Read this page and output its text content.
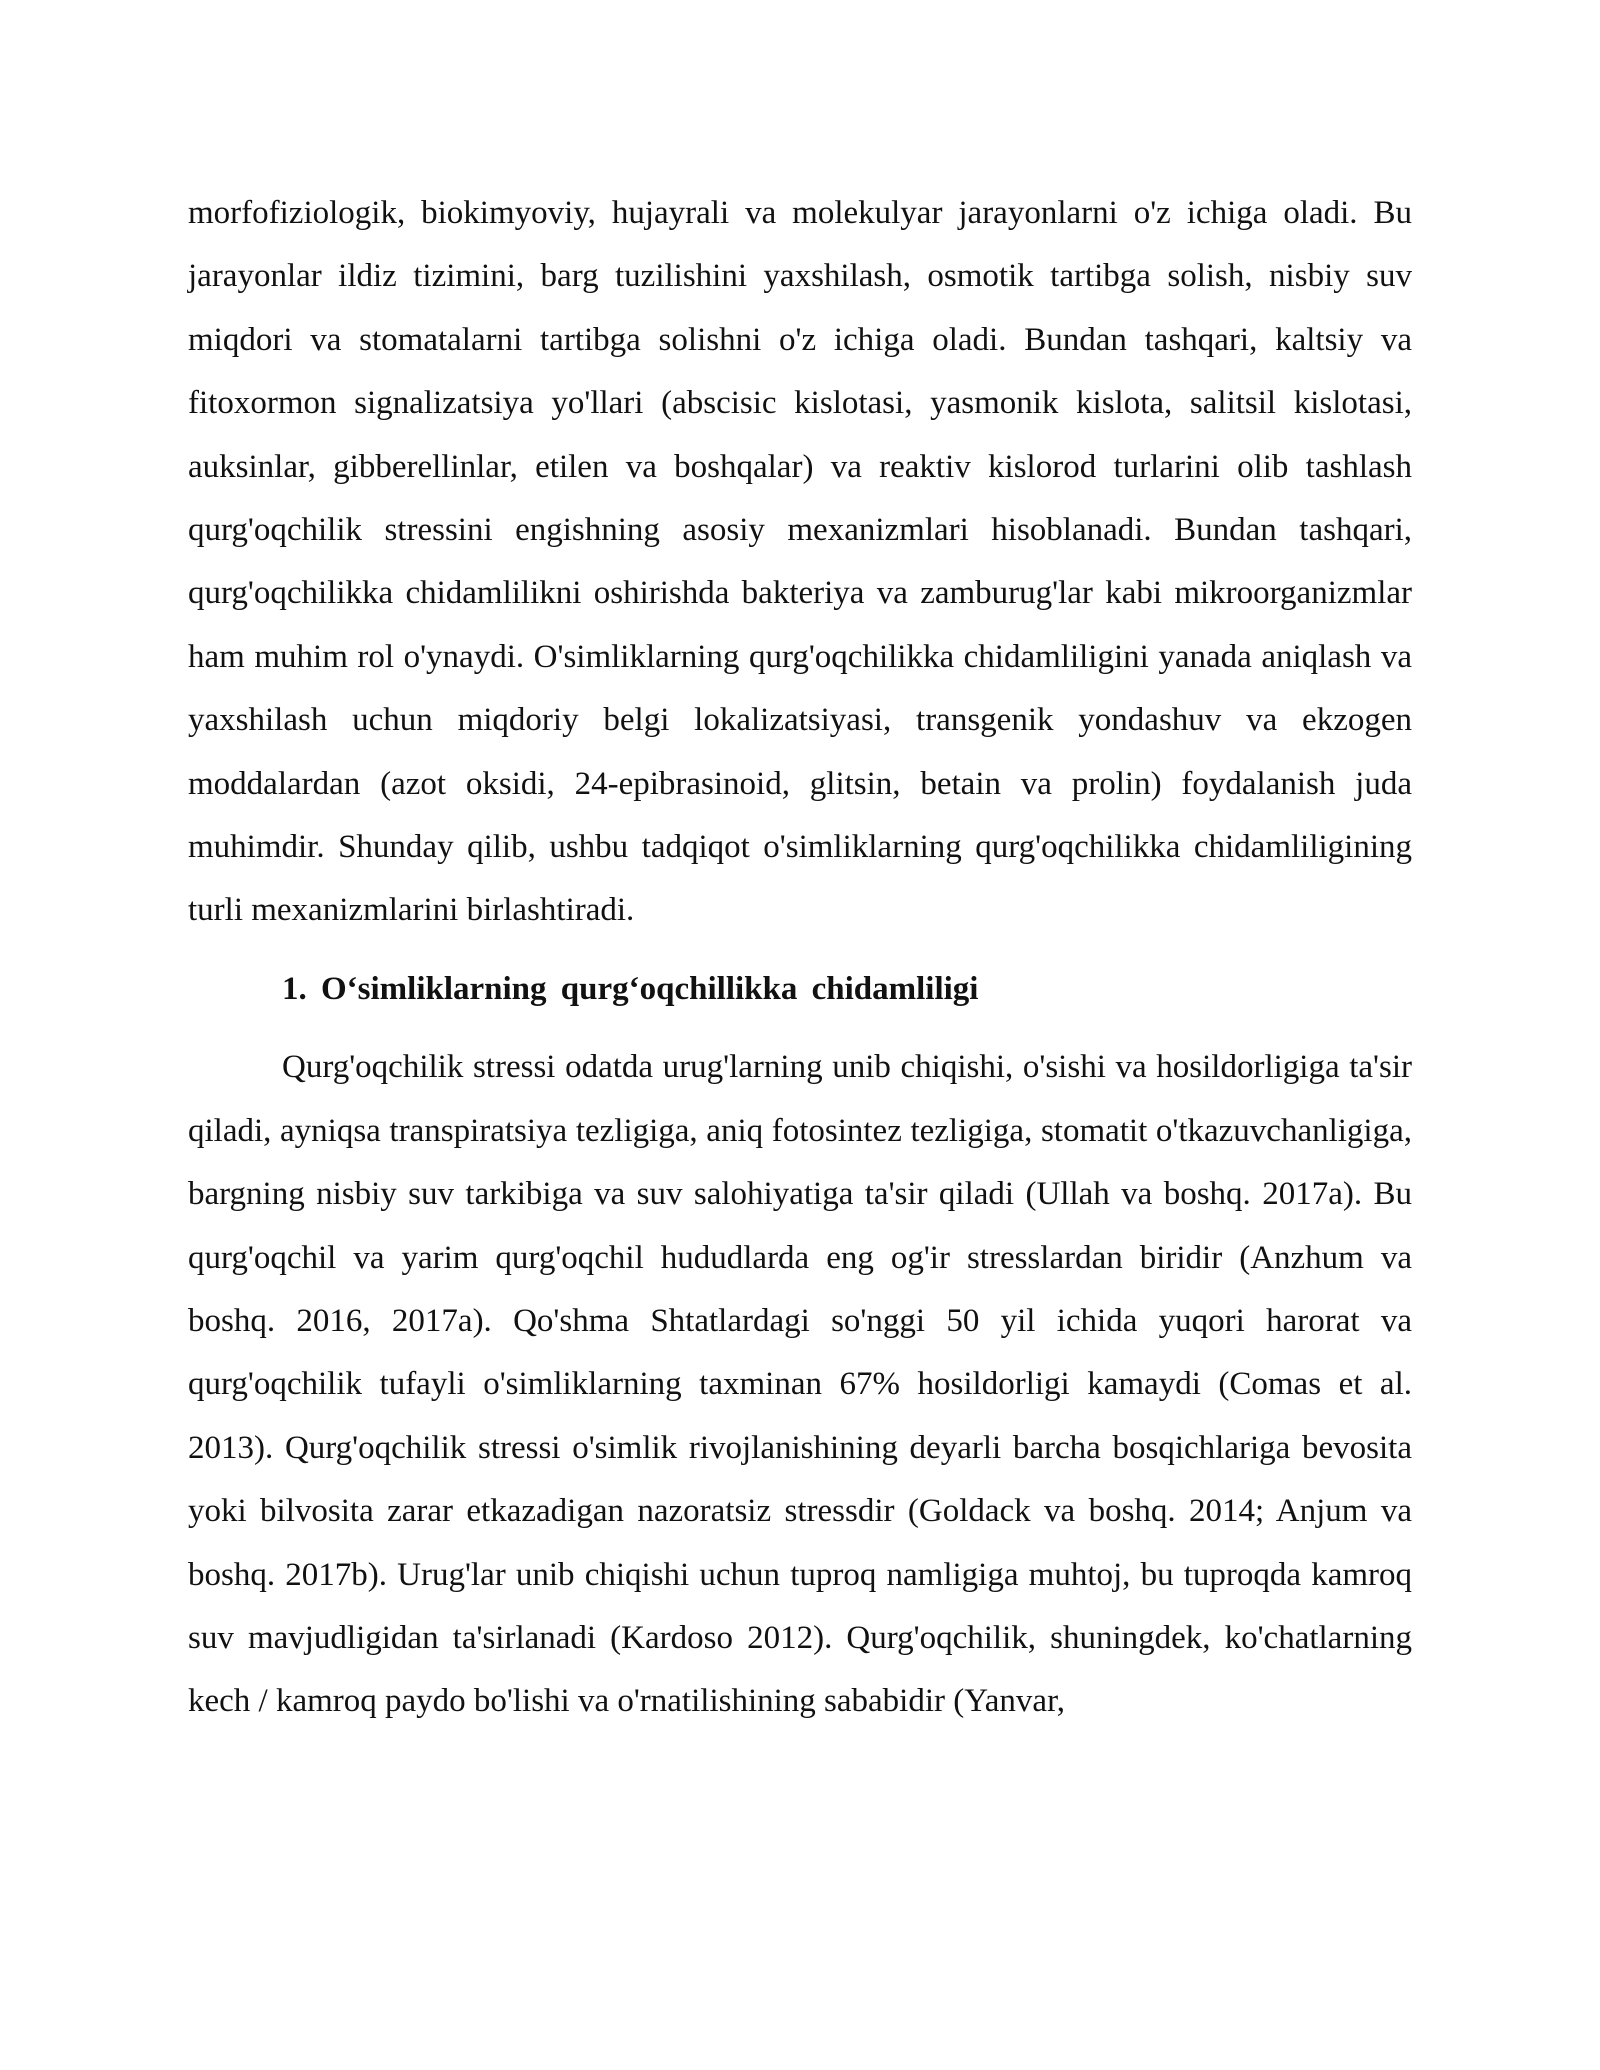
morfofiziologik, biokimyoviy, hujayrali va molekulyar jarayonlarni o'z ichiga oladi. Bu jarayonlar ildiz tizimini, barg tuzilishini yaxshilash, osmotik tartibga solish, nisbiy suv miqdori va stomatalarni tartibga solishni o'z ichiga oladi. Bundan tashqari, kaltsiy va fitoxormon signalizatsiya yo'llari (abscisic kislotasi, yasmonik kislota, salitsil kislotasi, auksinlar, gibberellinlar, etilen va boshqalar) va reaktiv kislorod turlarini olib tashlash qurg'oqchilik stressini engishning asosiy mexanizmlari hisoblanadi. Bundan tashqari, qurg'oqchilikka chidamlilikni oshirishda bakteriya va zamburug'lar kabi mikroorganizmlar ham muhim rol o'ynaydi. O'simliklarning qurg'oqchilikka chidamliligini yanada aniqlash va yaxshilash uchun miqdoriy belgi lokalizatsiyasi, transgenik yondashuv va ekzogen moddalardan (azot oksidi, 24-epibrasinoid, glitsin, betain va prolin) foydalanish juda muhimdir. Shunday qilib, ushbu tadqiqot o'simliklarning qurg'oqchilikka chidamliligining turli mexanizmlarini birlashtiradi.

1. O‘simliklarning qurg‘oqchillikka chidamliligi

Qurg'oqchilik stressi odatda urug'larning unib chiqishi, o'sishi va hosildorligiga ta'sir qiladi, ayniqsa transpiratsiya tezligiga, aniq fotosintez tezligiga, stomatit o'tkazuvchanligiga, bargning nisbiy suv tarkibiga va suv salohiyatiga ta'sir qiladi (Ullah va boshq. 2017a). Bu qurg'oqchil va yarim qurg'oqchil hududlarda eng og'ir stresslardan biridir (Anzhum va boshq. 2016, 2017a). Qo'shma Shtatlardagi so'nggi 50 yil ichida yuqori harorat va qurg'oqchilik tufayli o'simliklarning taxminan 67% hosildorligi kamaydi (Comas et al. 2013). Qurg'oqchilik stressi o'simlik rivojlanishining deyarli barcha bosqichlariga bevosita yoki bilvosita zarar etkazadigan nazoratsiz stressdir (Goldack va boshq. 2014; Anjum va boshq. 2017b). Urug'lar unib chiqishi uchun tuproq namligiga muhtoj, bu tuproqda kamroq suv mavjudligidan ta'sirlanadi (Kardoso 2012). Qurg'oqchilik, shuningdek, ko'chatlarning kech / kamroq paydo bo'lishi va o'rnatilishining sababidir (Yanvar,
